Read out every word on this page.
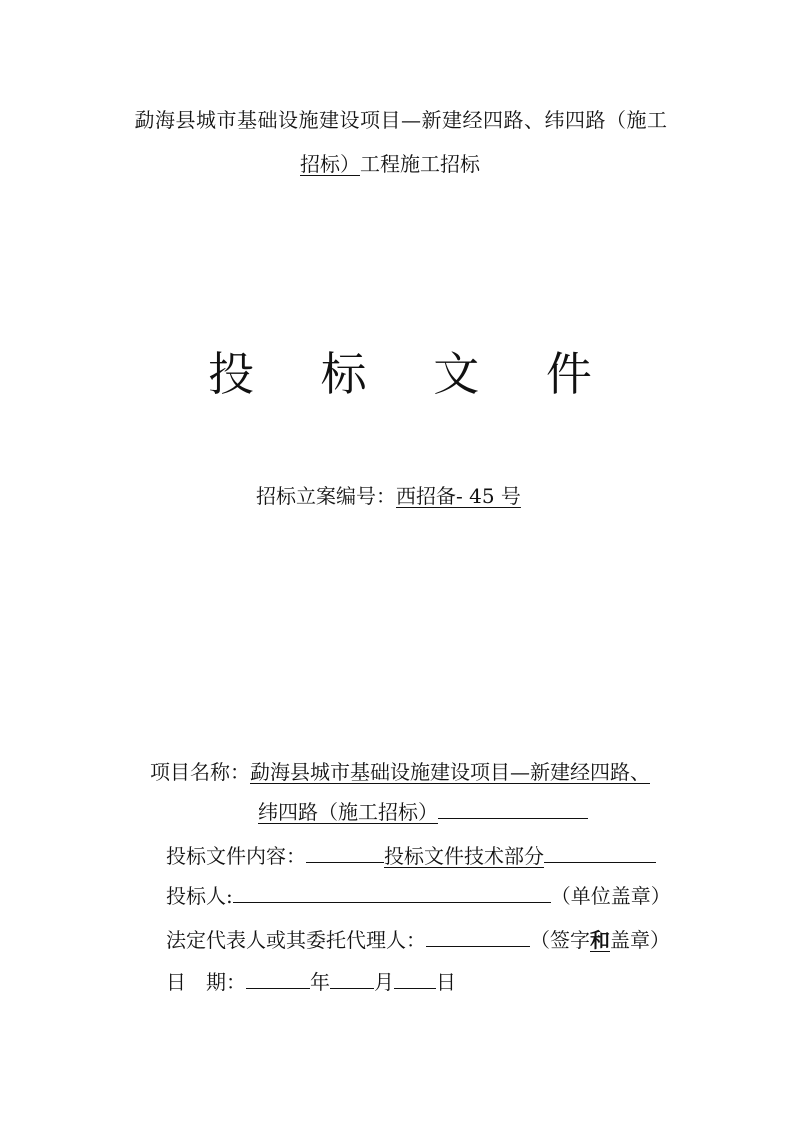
勐海县城市基础设施建设项目—新建经四路、纬四路（施工
招标）工程施工招标
投 标 文 件
招标立案编号：西招备- 45 号
项目名称：勐海县城市基础设施建设项目—新建经四路、
纬四路（施工招标）
投标文件内容：	投标文件技术部分
投标人:	（单位盖章）
法定代表人或其委托代理人：	（签字和盖章）
日　期：	年 月 日
